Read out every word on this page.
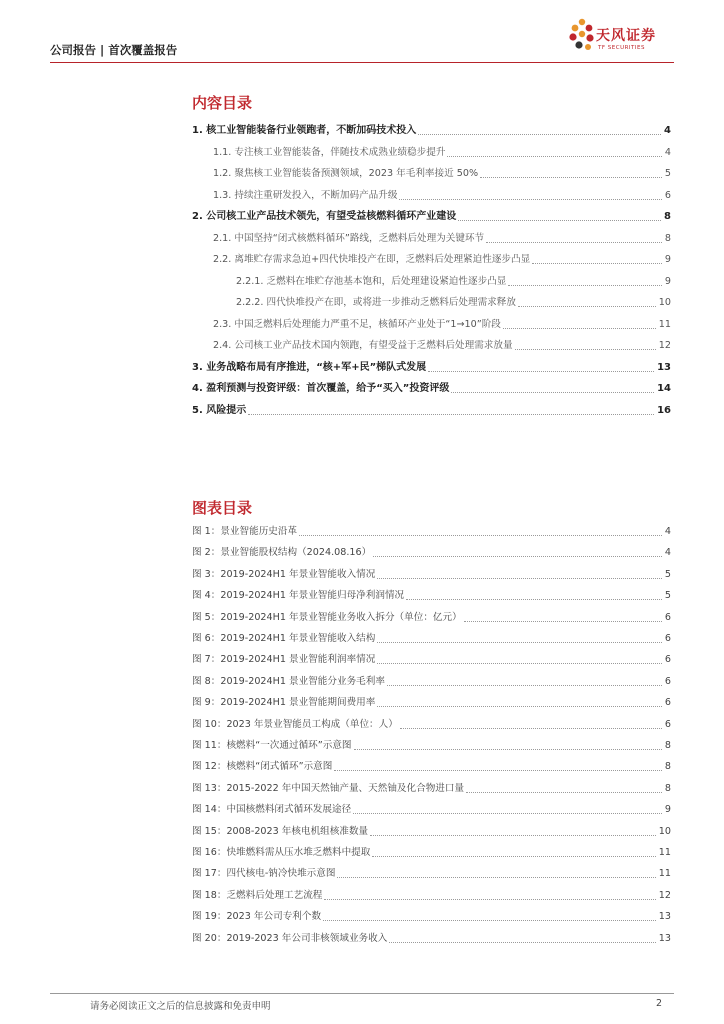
公司报告 | 首次覆盖报告
天风证券
TF SECURITIES
内容目录
1. 核工业智能装备行业领跑者，不断加码技术投入	4
1.1. 专注核工业智能装备，伴随技术成熟业绩稳步提升	4
1.2. 聚焦核工业智能装备预测领域，2023 年毛利率接近 50%	5
1.3. 持续注重研发投入，不断加码产品升级	6
2. 公司核工业产品技术领先，有望受益核燃料循环产业建设	8
2.1. 中国坚持“闭式核燃料循环”路线，乏燃料后处理为关键环节	8
2.2. 离堆贮存需求急迫+四代快堆投产在即，乏燃料后处理紧迫性逐步凸显	9
2.2.1. 乏燃料在堆贮存池基本饱和，后处理建设紧迫性逐步凸显	9
2.2.2. 四代快堆投产在即，或将进一步推动乏燃料后处理需求释放	10
2.3. 中国乏燃料后处理能力严重不足，核循环产业处于“1→10”阶段	11
2.4. 公司核工业产品技术国内领跑，有望受益于乏燃料后处理需求放量	12
3. 业务战略布局有序推进，“核+军+民”梯队式发展	13
4. 盈利预测与投资评级：首次覆盖，给予“买入”投资评级	14
5. 风险提示	16
图表目录
图 1：景业智能历史沿革	4
图 2：景业智能股权结构（2024.08.16）	4
图 3：2019-2024H1 年景业智能收入情况	5
图 4：2019-2024H1 年景业智能归母净利润情况	5
图 5：2019-2024H1 年景业智能业务收入拆分（单位：亿元）	6
图 6：2019-2024H1 年景业智能收入结构	6
图 7：2019-2024H1 景业智能利润率情况	6
图 8：2019-2024H1 景业智能分业务毛利率	6
图 9：2019-2024H1 景业智能期间费用率	6
图 10：2023 年景业智能员工构成（单位：人）	6
图 11：核燃料“一次通过循环”示意图	8
图 12：核燃料“闭式循环”示意图	8
图 13：2015-2022 年中国天然铀产量、天然铀及化合物进口量	8
图 14：中国核燃料闭式循环发展途径	9
图 15：2008-2023 年核电机组核准数量	10
图 16：快堆燃料需从压水堆乏燃料中提取	11
图 17：四代核电-钠冷快堆示意图	11
图 18：乏燃料后处理工艺流程	12
图 19：2023 年公司专利个数	13
图 20：2019-2023 年公司非核领域业务收入	13
请务必阅读正文之后的信息披露和免责申明	2
